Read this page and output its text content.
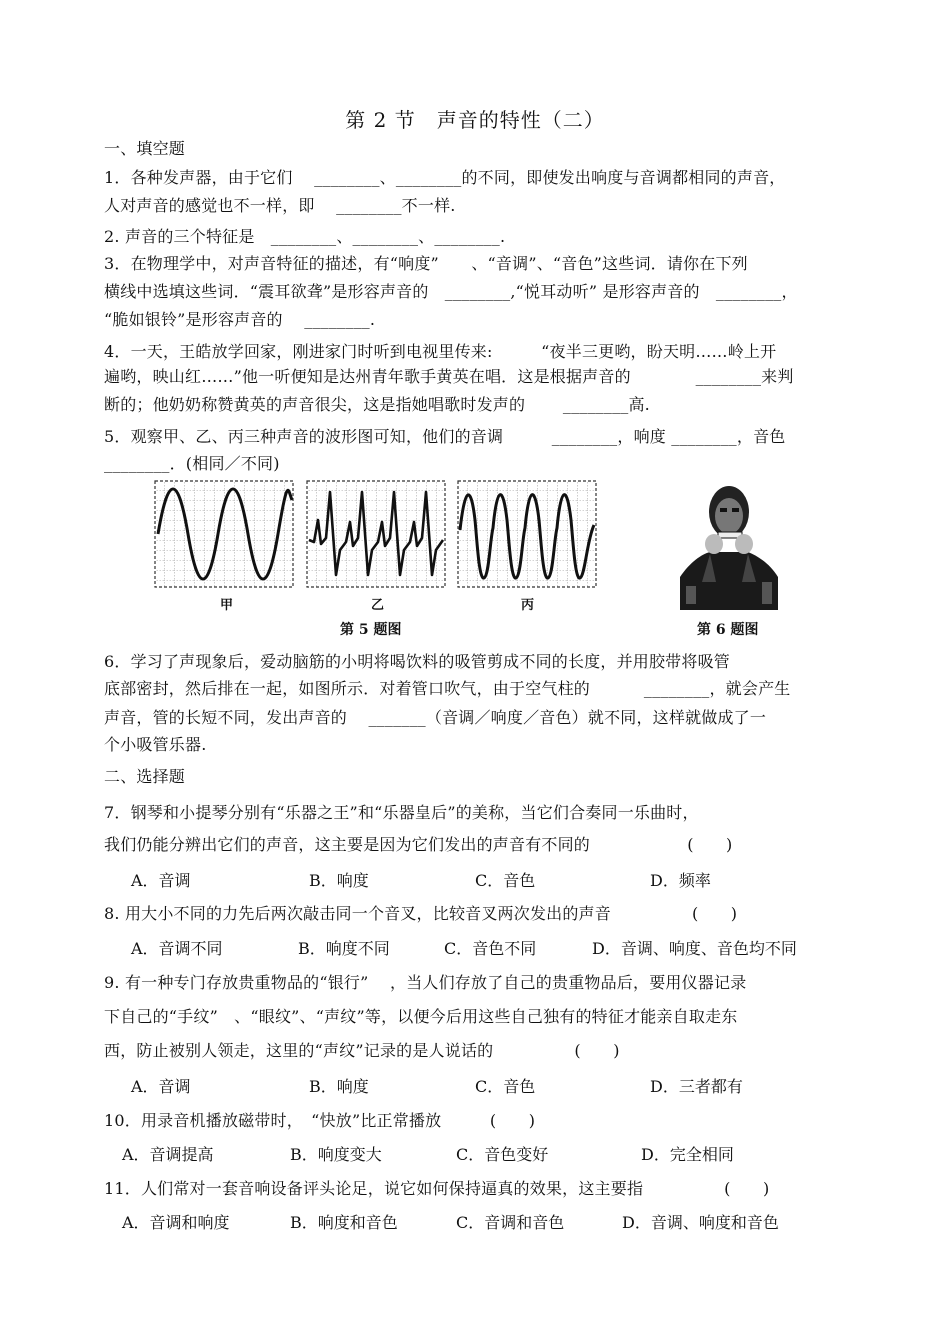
第 2 节　声音的特性（二）
一、填空题
1．各种发声器，由于它们　 ________、________的不同，即使发出响度与音调都相同的声音，
人对声音的感觉也不一样，即　 ________不一样.
2. 声音的三个特征是　________、________、________.
3．在物理学中，对声音特征的描述，有“响度”　　、“音调”、“音色”这些词．请你在下列
横线中选填这些词．“震耳欲聋”是形容声音的　________,“悦耳动听” 是形容声音的　________，
“脆如银铃”是形容声音的　 ________.
4．一天，王皓放学回家，刚进家门时听到电视里传来:　　　“夜半三更哟，盼天明……岭上开
遍哟，映山红……”他一听便知是达州青年歌手黄英在唱．这是根据声音的　　　　________来判
断的；他奶奶称赞黄英的声音很尖，这是指她唱歌时发声的　　 ________高.
5．观察甲、乙、丙三种声音的波形图可知，他们的音调　　　________，响度 ________，音色
________．(相同／不同)
甲	乙	丙
第 5 题图	第 6 题图
6．学习了声现象后，爱动脑筋的小明将喝饮料的吸管剪成不同的长度，并用胶带将吸管
底部密封，然后排在一起，如图所示．对着管口吹气，由于空气柱的　　　 ________，就会产生
声音，管的长短不同，发出声音的　 _______（音调／响度／音色）就不同，这样就做成了一
个小吸管乐器.
二、选择题
7．钢琴和小提琴分别有“乐器之王”和“乐器皇后”的美称，当它们合奏同一乐曲时，
我们仍能分辨出它们的声音，这主要是因为它们发出的声音有不同的　　　　　　(　　)
A．音调	B．响度	C．音色	D．频率
8. 用大小不同的力先后两次敲击同一个音叉，比较音叉两次发出的声音　　　　　(　　)
A．音调不同	B．响度不同	C．音色不同	D．音调、响度、音色均不同
9. 有一种专门存放贵重物品的“银行”　 ，当人们存放了自己的贵重物品后，要用仪器记录
下自己的“手纹”　、“眼纹”、“声纹”等，以便今后用这些自己独有的特征才能亲自取走东
西，防止被别人领走，这里的“声纹”记录的是人说话的　　　　　(　　)
A．音调	B．响度	C．音色	D．三者都有
10．用录音机播放磁带时，　“快放”比正常播放　　　(　　)
A．音调提高	B．响度变大	C．音色变好	D．完全相同
11．人们常对一套音响设备评头论足，说它如何保持逼真的效果，这主要指　　　　　(　　)
A．音调和响度	B．响度和音色	C．音调和音色	D．音调、响度和音色
